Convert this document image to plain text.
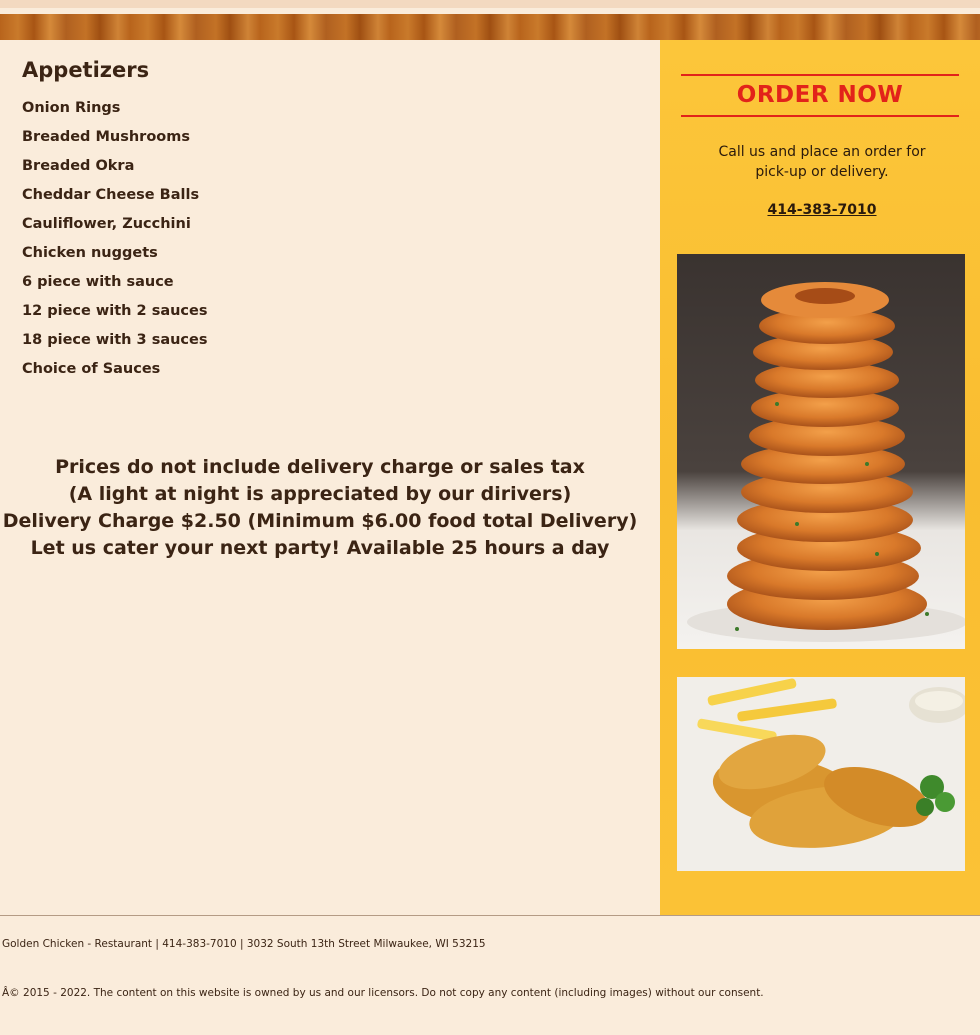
Appetizers
Onion Rings
Breaded Mushrooms
Breaded Okra
Cheddar Cheese Balls
Cauliflower, Zucchini
Chicken nuggets
6 piece with sauce
12 piece with 2 sauces
18 piece with 3 sauces
Choice of Sauces
Prices do not include delivery charge or sales tax
(A light at night is appreciated by our dirivers)
Delivery Charge $2.50 (Minimum $6.00 food total Delivery)
Let us cater your next party! Available 25 hours a day
ORDER NOW

Call us and place an order for pick-up or delivery.

414-383-7010
Golden Chicken - Restaurant | 414-383-7010 | 3032 South 13th Street Milwaukee, WI 53215
Â© 2015 - 2022. The content on this website is owned by us and our licensors. Do not copy any content (including images) without our consent.
